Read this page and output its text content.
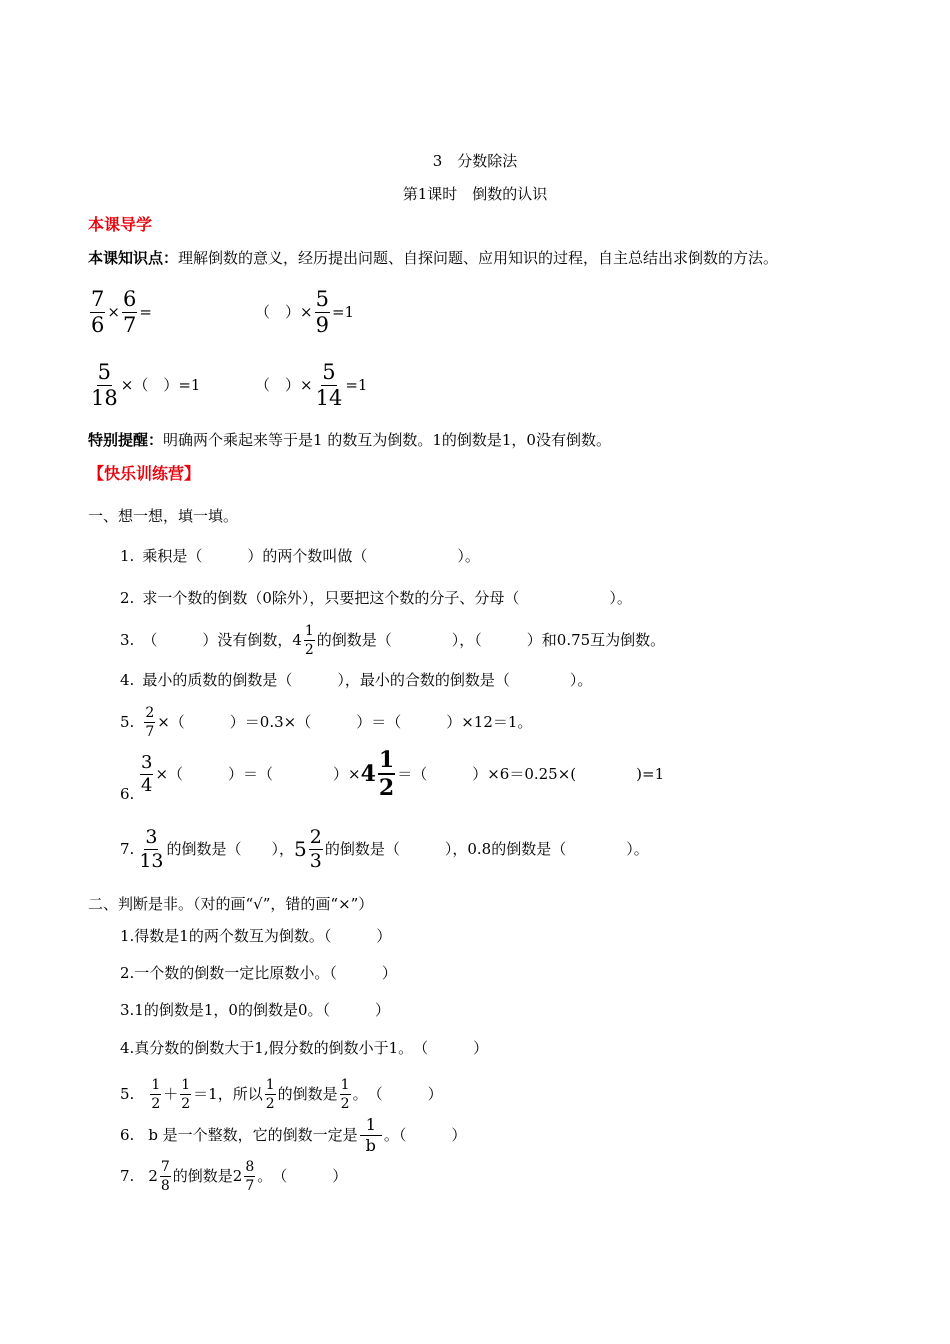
3　分数除法
第1课时　倒数的认识
本课导学
本课知识点： 理解倒数的意义，经历提出问题、自探问题、应用知识的过程，自主总结出求倒数的方法。
$\frac{7}{6} \times \frac{6}{7}$ =	（　） × $\frac{5}{9} =1$
$\frac{5}{18}$ × （　） =1	（　） × $\frac{5}{14} =1$
特别提醒： 明确两个乘起来等于是1 的数互为倒数。1的倒数是1，0没有倒数。
【快乐训练营】
一、想一想，填一填。
1. 乘积是（　　　）的两个数叫做（　　　　　　）。
2. 求一个数的倒数（0除外），只要把这个数的分子、分母（　　　　　　）。
3. （　　　）没有倒数，$4 \frac{1}{2}$ 的倒数是（　　　　），（　　　）和0.75互为倒数。
4. 最小的质数的倒数是（　　　），最小的合数的倒数是（　　　　）。
5. $\frac{2}{7}$ ×（　　　）＝0.3×（　　　）＝（　　　）×12＝1。
$\frac{3}{4}$ ×（　　　）＝（　　　　）× $4 \frac{1}{2}$ ＝（　　　）×6＝0.25×(　　　　)=1
6.
7. $\frac{3}{13}$ 的倒数是（　　）， $5 \frac{2}{3}$ 的倒数是（　　　），0.8的倒数是（　　　　）。
二、判断是非。（对的画“√”，错的画“×”）
1.得数是1的两个数互为倒数。（　　　）
2.一个数的倒数一定比原数小。（　　　）
3.1的倒数是1，0的倒数是0。（　　　）
4.真分数的倒数大于1,假分数的倒数小于1。　（　　　）
5. $\frac{1}{2} + \frac{1}{2} =1$，所以 $\frac{1}{2}$ 的倒数是 $\frac{1}{2}$ 。　（　　　）
6. b 是一个整数，它的倒数一定是 $\frac{1}{b}$ 。（　　　）
7. $2 \frac{7}{8}$ 的倒数是$2 \frac{8}{7}$ 。　（　　　）
